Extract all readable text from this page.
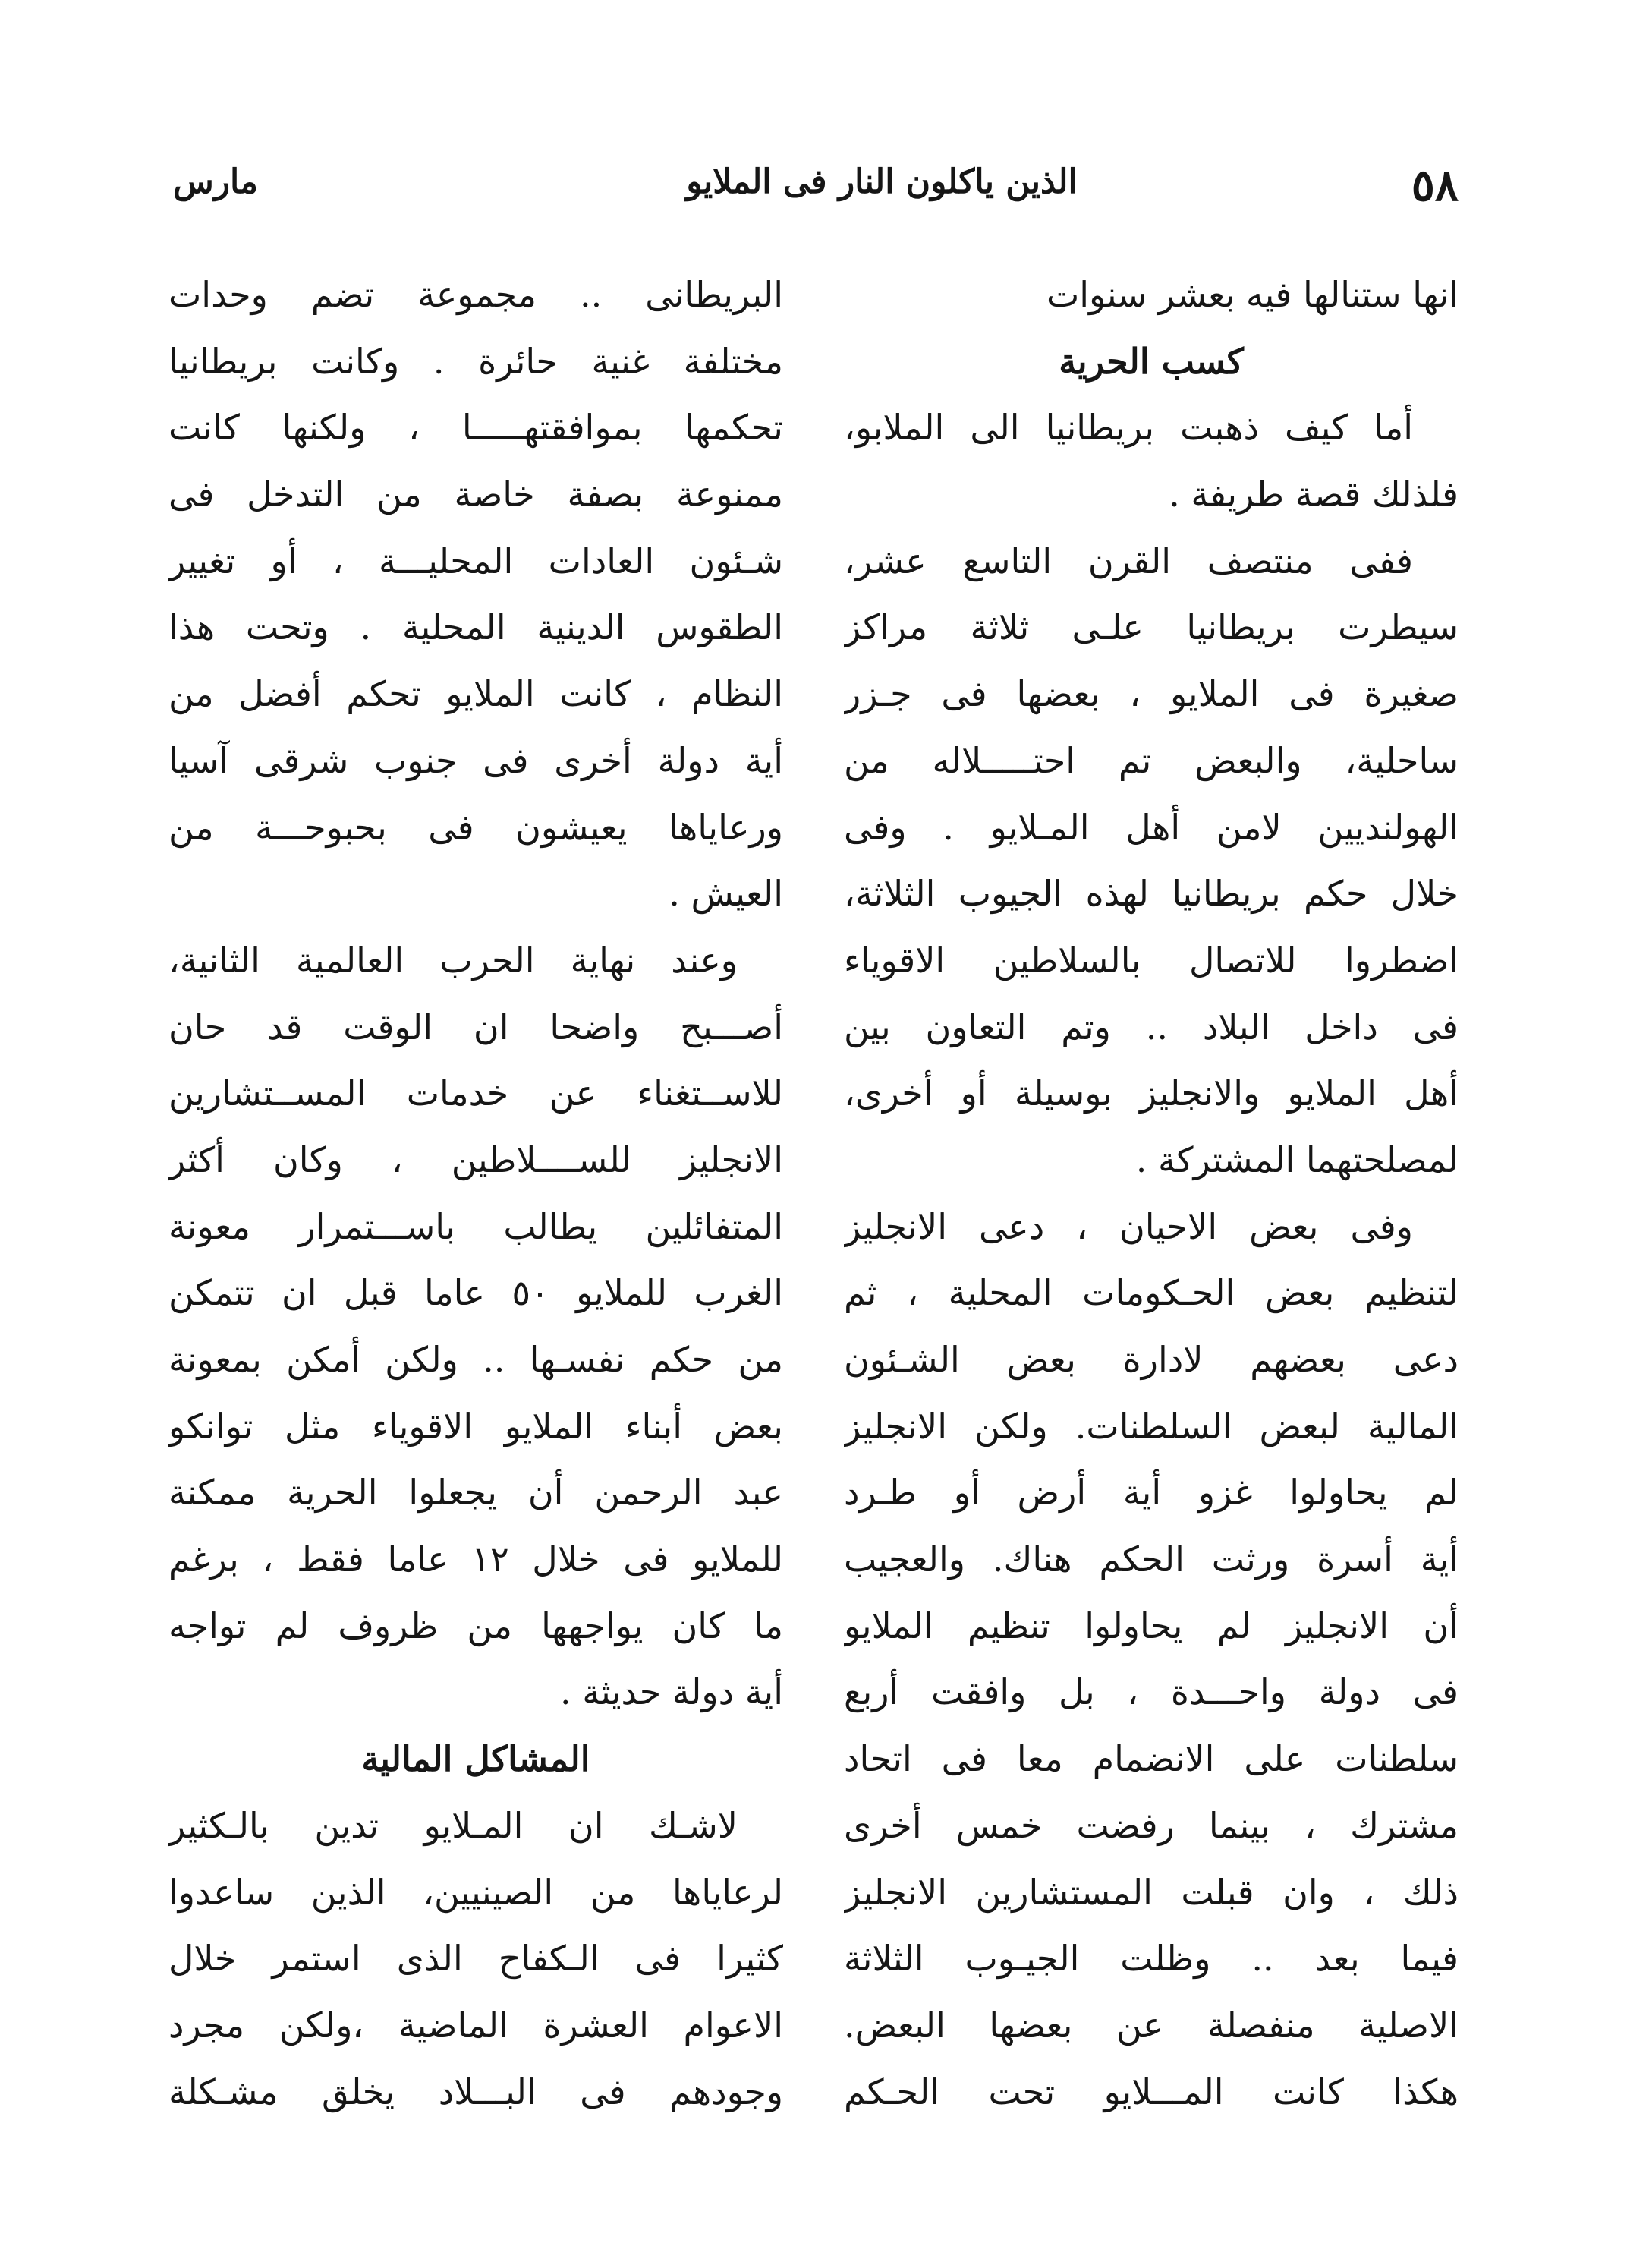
٥٨
الذين ياكلون النار فى الملايو
مارس
انها ستنالها فيه بعشر سنوات
كسب الحرية
أما كيف ذهبت بريطانيا الى الملابو،
فلذلك قصة طريفة .
ففى منتصف القرن التاسع عشر،
سيطرت بريطانيا علـى ثلاثة مراكز
صغيرة فى الملايو ، بعضها فى جـزر
ساحلية، والبعض تم احتـــــلاله من
الهولنديين لامن أهل المـلايو . وفى
خلال حكم بريطانيا لهذه الجيوب الثلاثة،
اضطروا للاتصال بالسلاطين الاقوياء
فى داخل البلاد .. وتم التعاون بين
أهل الملايو والانجليز بوسيلة أو أخرى،
لمصلحتهما المشتركة .
وفى بعض الاحيان ، دعى الانجليز
لتنظيم بعض الحـكومات المحلية ، ثم
دعى بعضهم لادارة بعض الشـئون
المالية لبعض السلطنات. ولكن الانجليز
لم يحاولوا غزو أية أرض أو طـرد
أية أسرة ورثت الحكم هناك. والعجيب
أن الانجليز لم يحاولوا تنظيم الملايو
فى دولة واحـــدة ، بل وافقت أربع
سلطنات على الانضمام معا فى اتحاد
مشترك ، بينما رفضت خمس أخرى
ذلك ، وان قبلت المستشارين الانجليز
فيما بعد .. وظلت الجيـوب الثلاثة
الاصلية منفصلة عن بعضها البعض.
هكذا كانت المـــلايو تحت الحـكم
البريطانى .. مجموعة تضم وحدات
مختلفة غنية حائرة . وكانت بريطانيا
تحكمها بموافقتهـــــا ، ولكنها كانت
ممنوعة بصفة خاصة من التدخل فى
شـئون العادات المحليـــة ، أو تغيير
الطقوس الدينية المحلية . وتحت هذا
النظام ، كانت الملايو تحكم أفضل من
أية دولة أخرى فى جنوب شرقى آسيا
ورعاياها يعيشون فى بحبوحـــة من
العيش .
وعند نهاية الحرب العالمية الثانية،
أصـــبح واضحا ان الوقت قد حان
للاســتغناء عن خدمات المســتشارين
الانجليز للســــلاطين ، وكان أكثر
المتفائلين يطالب باســـتمرار معونة
الغرب للملايو ٥٠ عاما قبل ان تتمكن
من حكم نفسـها .. ولكن أمكن بمعونة
بعض أبناء الملايو الاقوياء مثل توانكو
عبد الرحمن أن يجعلوا الحرية ممكنة
للملايو فى خلال ١٢ عاما فقط ، برغم
ما كان يواجهها من ظروف لم تواجه
أية دولة حديثة .
المشاكل المالية
لاشـك ان المـلايو تدين بالـكثير
لرعاياها من الصينيين، الذين ساعدوا
كثيرا فى الـكفاح الذى استمر خلال
الاعوام العشرة الماضية ،ولكن مجرد
وجودهم فى البـــلاد يخلق مشـكلة
